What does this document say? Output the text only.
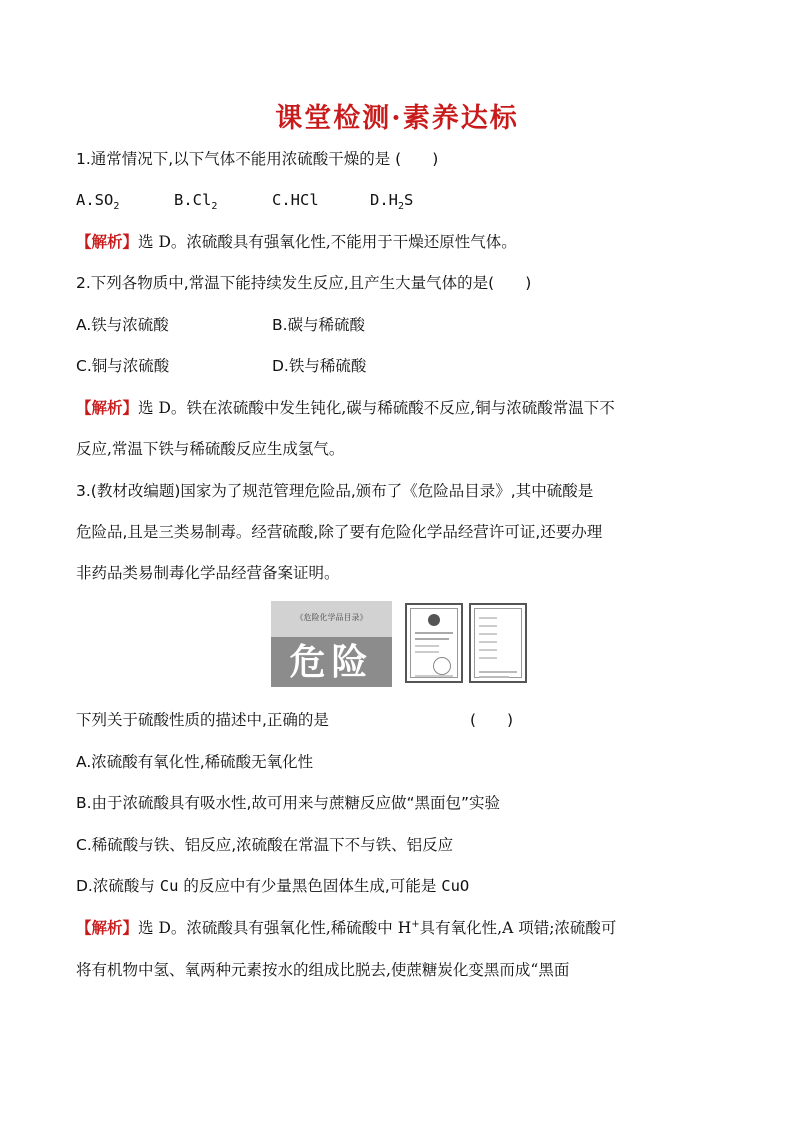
课堂检测·素养达标
1.通常情况下,以下气体不能用浓硫酸干燥的是 (　　)
$A.SO_2$	$B.Cl_2$	C.HCl	$D.H_2S$
【解析】选 D。浓硫酸具有强氧化性,不能用于干燥还原性气体。
2.下列各物质中,常温下能持续发生反应,且产生大量气体的是(　　)
A.铁与浓硫酸	B.碳与稀硫酸
C.铜与浓硫酸	D.铁与稀硫酸
【解析】选 D。铁在浓硫酸中发生钝化,碳与稀硫酸不反应,铜与浓硫酸常温下不
反应,常温下铁与稀硫酸反应生成氢气。
3.(教材改编题)国家为了规范管理危险品,颁布了《危险品目录》,其中硫酸是
危险品,且是三类易制毒。经营硫酸,除了要有危险化学品经营许可证,还要办理
非药品类易制毒化学品经营备案证明。
《危险化学品目录》
危险
下列关于硫酸性质的描述中,正确的是	(　　)
A.浓硫酸有氧化性,稀硫酸无氧化性
B.由于浓硫酸具有吸水性,故可用来与蔗糖反应做“黑面包”实验
C.稀硫酸与铁、铝反应,浓硫酸在常温下不与铁、铝反应
D.浓硫酸与 Cu 的反应中有少量黑色固体生成,可能是 CuO
【解析】选 D。浓硫酸具有强氧化性,稀硫酸中 H+具有氧化性,A 项错;浓硫酸可
将有机物中氢、氧两种元素按水的组成比脱去,使蔗糖炭化变黑而成“黑面
